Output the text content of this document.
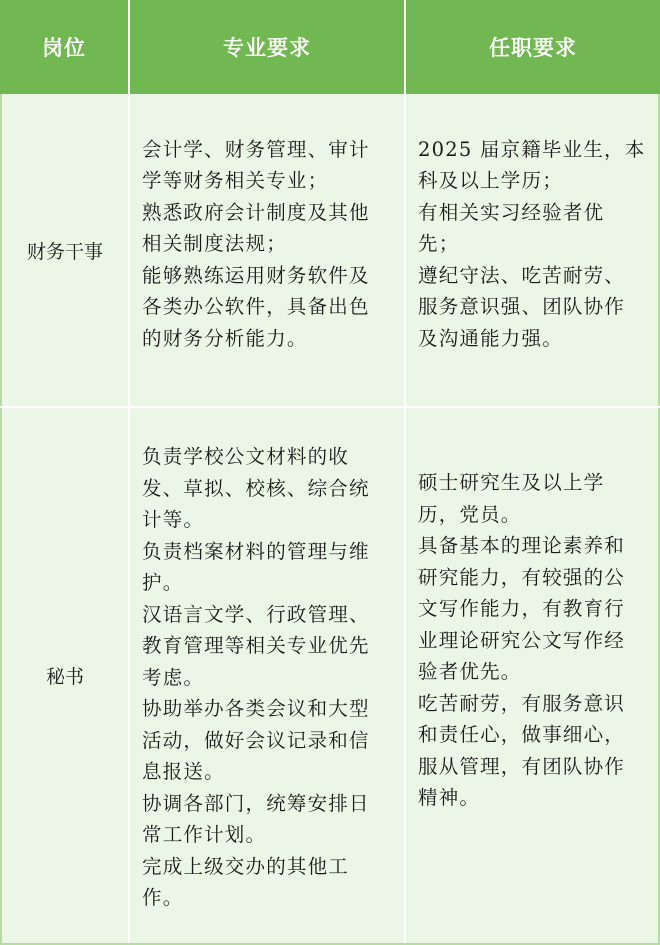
岗位	专业要求	任职要求
财务干事
会计学、财务管理、审计
学等财务相关专业；
熟悉政府会计制度及其他
相关制度法规；
能够熟练运用财务软件及
各类办公软件，具备出色
的财务分析能力。
2025 届京籍毕业生，本
科及以上学历；
有相关实习经验者优
先；
遵纪守法、吃苦耐劳、
服务意识强、团队协作
及沟通能力强。
秘书
负责学校公文材料的收
发、草拟、校核、综合统
计等。
负责档案材料的管理与维
护。
汉语言文学、行政管理、
教育管理等相关专业优先
考虑。
协助举办各类会议和大型
活动，做好会议记录和信
息报送。
协调各部门，统筹安排日
常工作计划。
完成上级交办的其他工
作。
硕士研究生及以上学
历，党员。
具备基本的理论素养和
研究能力，有较强的公
文写作能力，有教育行
业理论研究公文写作经
验者优先。
吃苦耐劳，有服务意识
和责任心，做事细心，
服从管理，有团队协作
精神。
